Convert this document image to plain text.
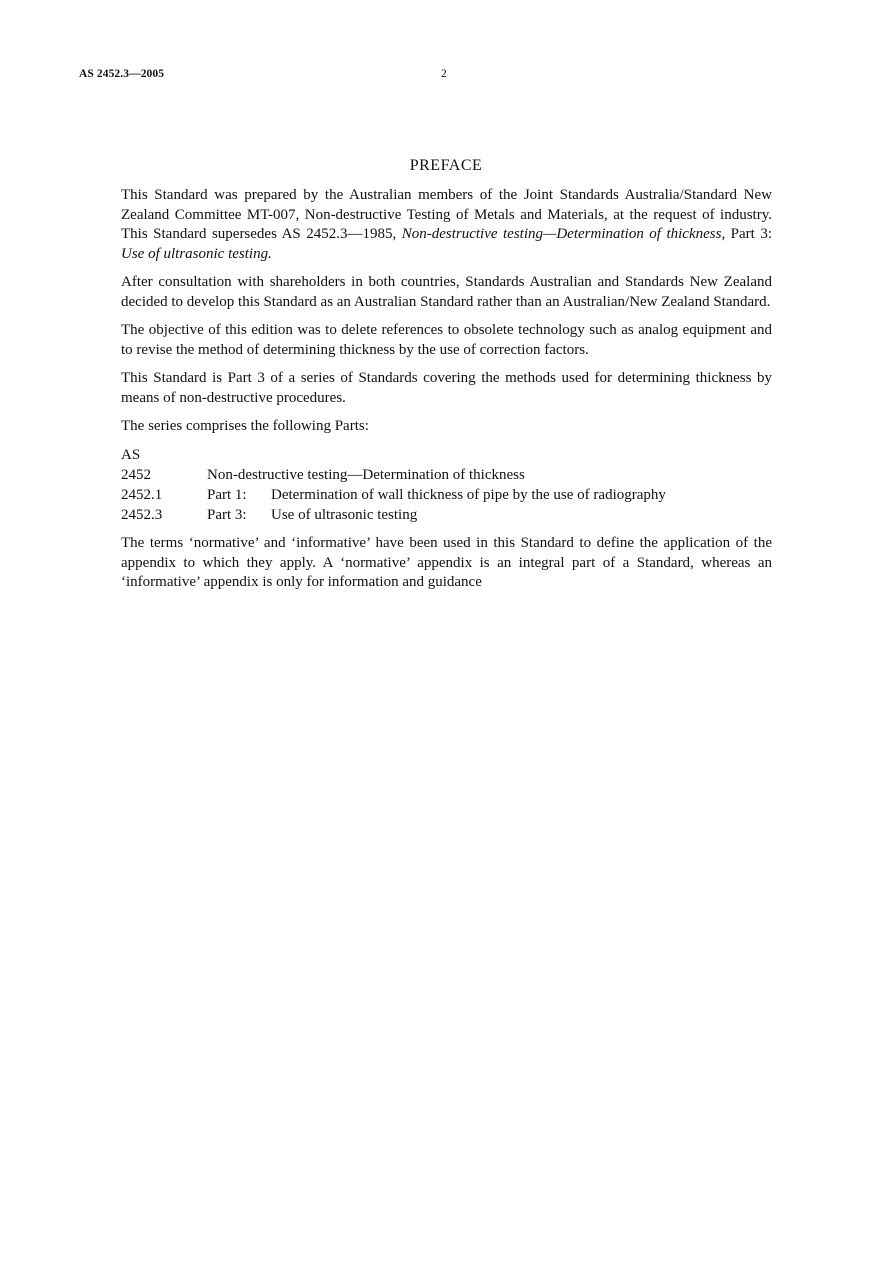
AS 2452.3—2005	2
PREFACE

This Standard was prepared by the Australian members of the Joint Standards Australia/Standard New Zealand Committee MT-007, Non-destructive Testing of Metals and Materials, at the request of industry. This Standard supersedes AS 2452.3—1985, Non-destructive testing—Determination of thickness, Part 3: Use of ultrasonic testing.

After consultation with shareholders in both countries, Standards Australian and Standards New Zealand decided to develop this Standard as an Australian Standard rather than an Australian/New Zealand Standard.

The objective of this edition was to delete references to obsolete technology such as analog equipment and to revise the method of determining thickness by the use of correction factors.

This Standard is Part 3 of a series of Standards covering the methods used for determining thickness by means of non-destructive procedures.

The series comprises the following Parts:

AS
2452	Non-destructive testing—Determination of thickness
2452.1	Part 1:	Determination of wall thickness of pipe by the use of radiography
2452.3	Part 3:	Use of ultrasonic testing

The terms ‘normative’ and ‘informative’ have been used in this Standard to define the application of the appendix to which they apply. A ‘normative’ appendix is an integral part of a Standard, whereas an ‘informative’ appendix is only for information and guidance
